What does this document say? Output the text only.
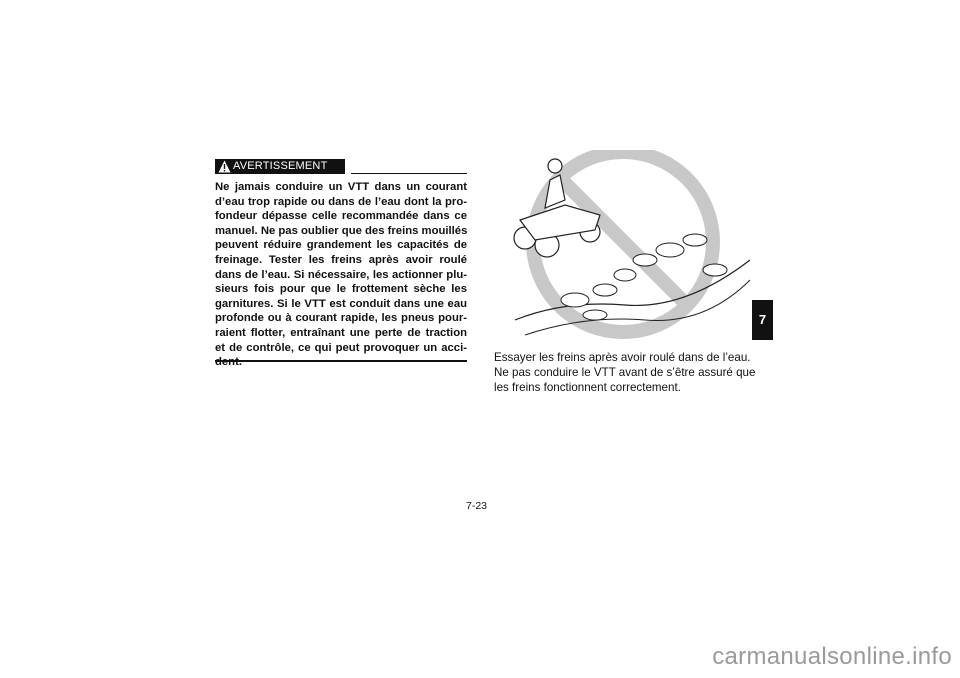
AVERTISSEMENT
Ne jamais conduire un VTT dans un courant
d’eau trop rapide ou dans de l’eau dont la pro-
fondeur dépasse celle recommandée dans ce
manuel. Ne pas oublier que des freins mouillés
peuvent réduire grandement les capacités de
freinage. Tester les freins après avoir roulé
dans de l’eau. Si nécessaire, les actionner plu-
sieurs fois pour que le frottement sèche les
garnitures. Si le VTT est conduit dans une eau
profonde ou à courant rapide, les pneus pour-
raient flotter, entraînant une perte de traction
et de contrôle, ce qui peut provoquer un acci-
dent.	Essayer les freins après avoir roulé dans de l’eau.
Ne pas conduire le VTT avant de s’être assuré que
les freins fonctionnent correctement.
7
7-23
carmanualsonline.info
